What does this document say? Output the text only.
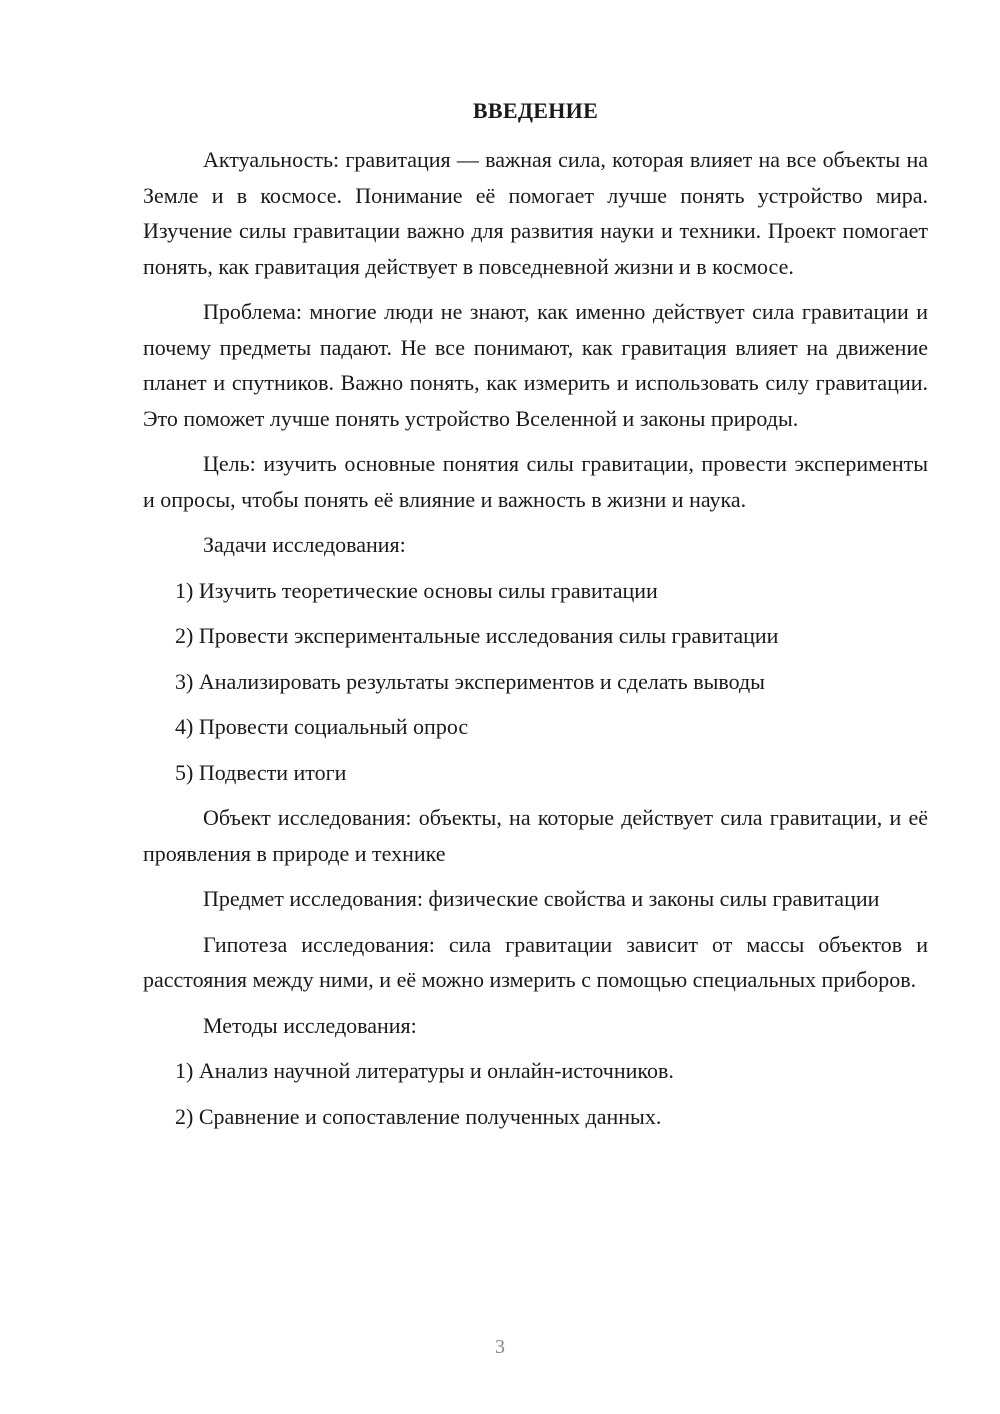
ВВЕДЕНИЕ

Актуальность: гравитация — важная сила, которая влияет на все объекты на Земле и в космосе. Понимание её помогает лучше понять устройство мира. Изучение силы гравитации важно для развития науки и техники. Проект помогает понять, как гравитация действует в повседневной жизни и в космосе.

Проблема: многие люди не знают, как именно действует сила гравитации и почему предметы падают. Не все понимают, как гравитация влияет на движение планет и спутников. Важно понять, как измерить и использовать силу гравитации. Это поможет лучше понять устройство Вселенной и законы природы.

Цель: изучить основные понятия силы гравитации, провести эксперименты и опросы, чтобы понять её влияние и важность в жизни и наука.

Задачи исследования:

1) Изучить теоретические основы силы гравитации
2) Провести экспериментальные исследования силы гравитации
3) Анализировать результаты экспериментов и сделать выводы
4) Провести социальный опрос
5) Подвести итоги

Объект исследования: объекты, на которые действует сила гравитации, и её проявления в природе и технике

Предмет исследования: физические свойства и законы силы гравитации

Гипотеза исследования: сила гравитации зависит от массы объектов и расстояния между ними, и её можно измерить с помощью специальных приборов.

Методы исследования:

1) Анализ научной литературы и онлайн-источников.
2) Сравнение и сопоставление полученных данных.
3
